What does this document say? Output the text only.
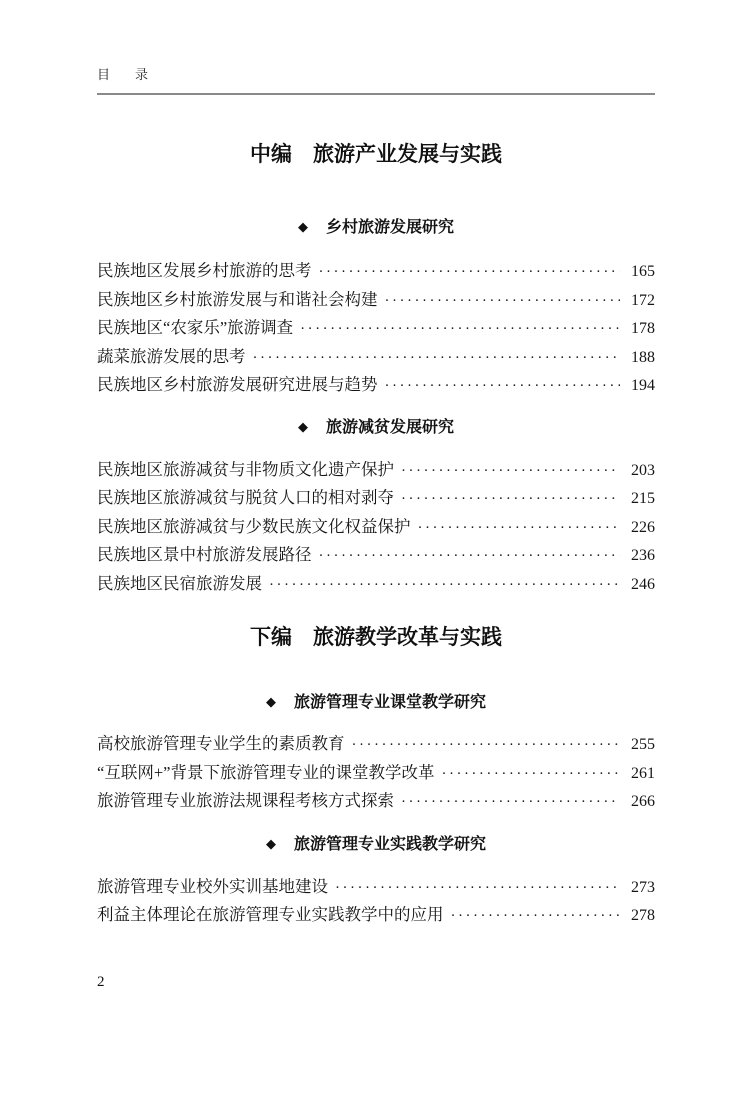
目　录
中编　旅游产业发展与实践
◆ 乡村旅游发展研究
民族地区发展乡村旅游的思考 ·····	165
民族地区乡村旅游发展与和谐社会构建 ·····	172
民族地区“农家乐”旅游调查 ·····	178
蔬菜旅游发展的思考 ·····	188
民族地区乡村旅游发展研究进展与趋势 ·····	194
◆ 旅游减贫发展研究
民族地区旅游减贫与非物质文化遗产保护 ·····	203
民族地区旅游减贫与脱贫人口的相对剥夺 ·····	215
民族地区旅游减贫与少数民族文化权益保护 ·····	226
民族地区景中村旅游发展路径 ·····	236
民族地区民宿旅游发展 ·····	246
下编　旅游教学改革与实践
◆ 旅游管理专业课堂教学研究
高校旅游管理专业学生的素质教育 ·····	255
“互联网+”背景下旅游管理专业的课堂教学改革 ·····	261
旅游管理专业旅游法规课程考核方式探索 ·····	266
◆ 旅游管理专业实践教学研究
旅游管理专业校外实训基地建设 ·····	273
利益主体理论在旅游管理专业实践教学中的应用 ·····	278
2
